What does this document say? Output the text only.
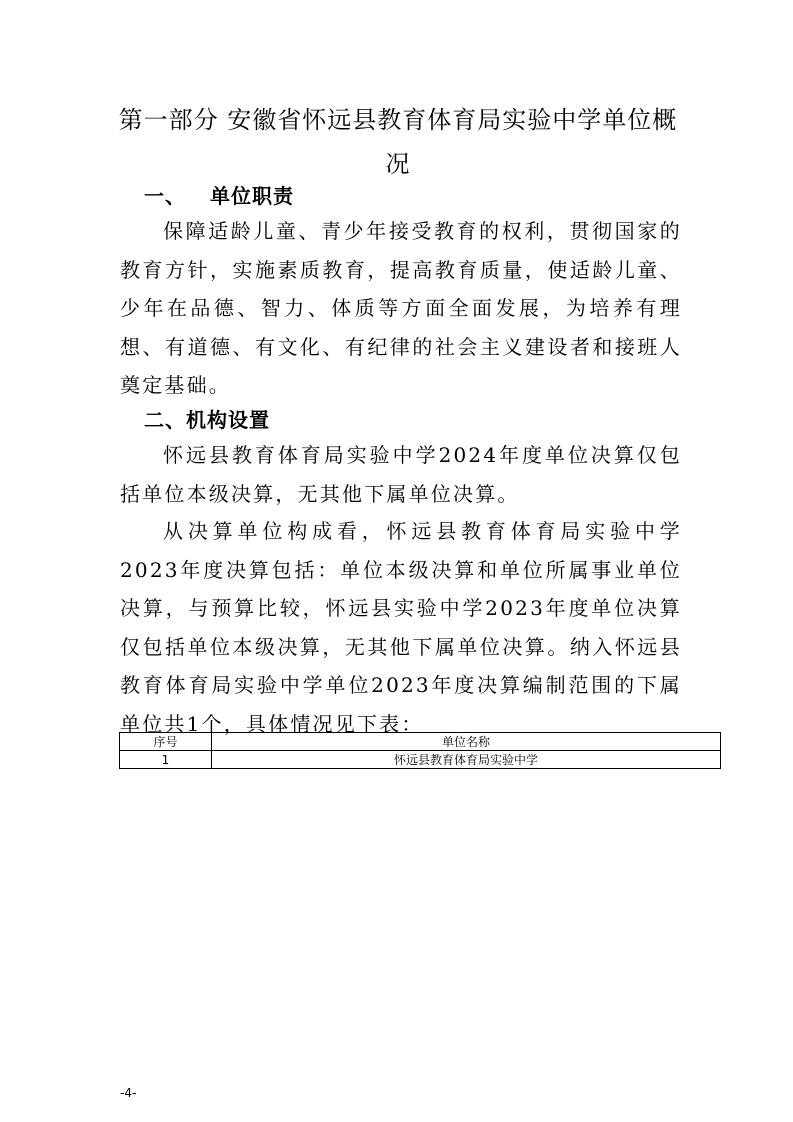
第一部分 安徽省怀远县教育体育局实验中学单位概况
一、 单位职责
保障适龄儿童、青少年接受教育的权利，贯彻国家的教育方针，实施素质教育，提高教育质量，使适龄儿童、少年在品德、智力、体质等方面全面发展，为培养有理想、有道德、有文化、有纪律的社会主义建设者和接班人奠定基础。
二、机构设置
怀远县教育体育局实验中学2024年度单位决算仅包括单位本级决算，无其他下属单位决算。
从决算单位构成看，怀远县教育体育局实验中学2023年度决算包括：单位本级决算和单位所属事业单位决算，与预算比较，怀远县实验中学2023年度单位决算仅包括单位本级决算，无其他下属单位决算。纳入怀远县教育体育局实验中学单位2023年度决算编制范围的下属单位共1个，具体情况见下表：
序号	单位名称
1	怀远县教育体育局实验中学
-4-
